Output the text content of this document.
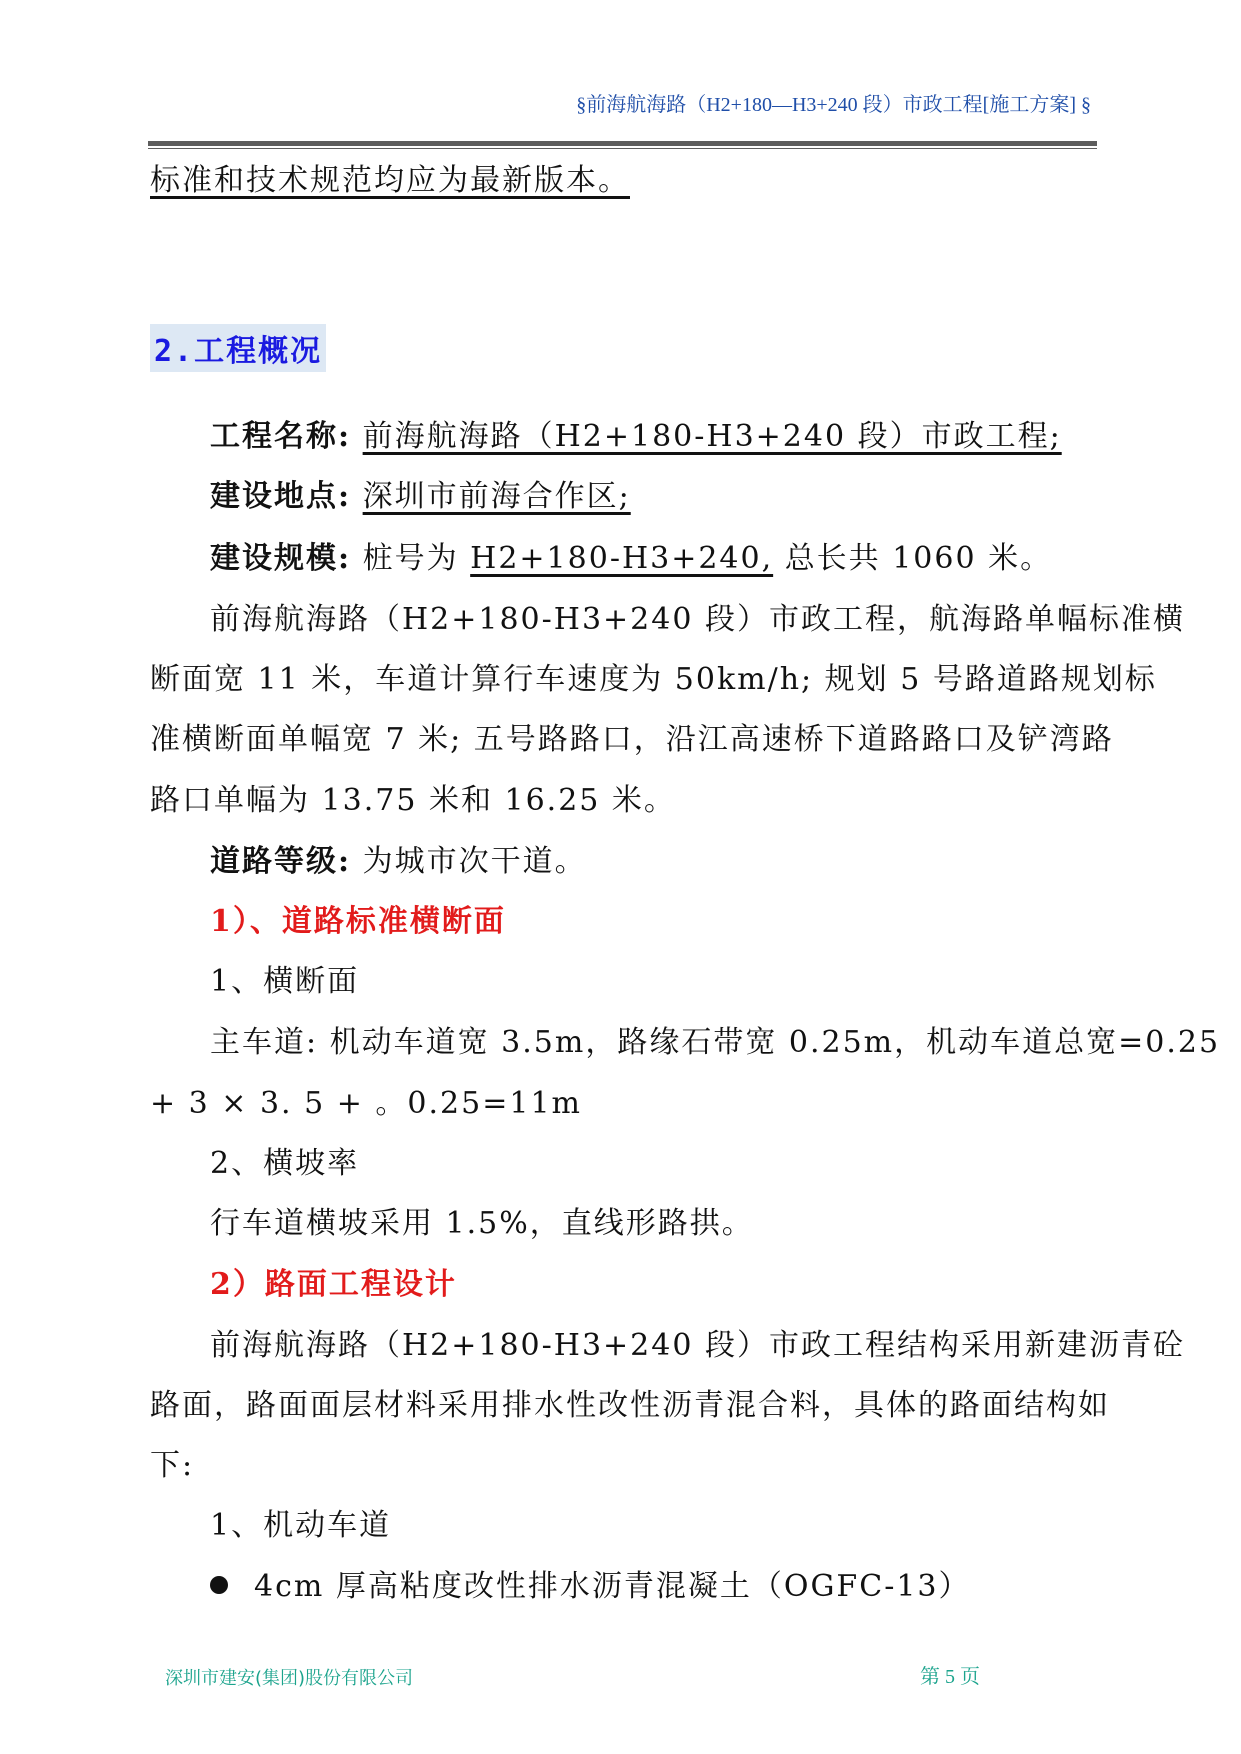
§前海航海路（H2+180—H3+240 段）市政工程[施工方案] §
标准和技术规范均应为最新版本。
2.工程概况
工程名称: 前海航海路（H2+180-H3+240 段）市政工程;
建设地点: 深圳市前海合作区;
建设规模: 桩号为 H2+180-H3+240, 总长共 1060 米。
前海航海路（H2+180-H3+240 段）市政工程，航海路单幅标准横
断面宽 11 米，车道计算行车速度为 50km/h; 规划 5 号路道路规划标
准横断面单幅宽 7 米; 五号路路口，沿江高速桥下道路路口及铲湾路
路口单幅为 13.75 米和 16.25 米。
道路等级: 为城市次干道。
1）、道路标准横断面
1、横断面
主车道: 机动车道宽 3.5m，路缘石带宽 0.25m，机动车道总宽=0.25
+ 3 × 3. 5 + 。0.25=11m
2、横坡率
行车道横坡采用 1.5%，直线形路拱。
2）路面工程设计
前海航海路（H2+180-H3+240 段）市政工程结构采用新建沥青砼
路面，路面面层材料采用排水性改性沥青混合料，具体的路面结构如
下:
1、机动车道
4cm 厚高粘度改性排水沥青混凝土（OGFC-13）
深圳市建安(集团)股份有限公司	第 5 页
